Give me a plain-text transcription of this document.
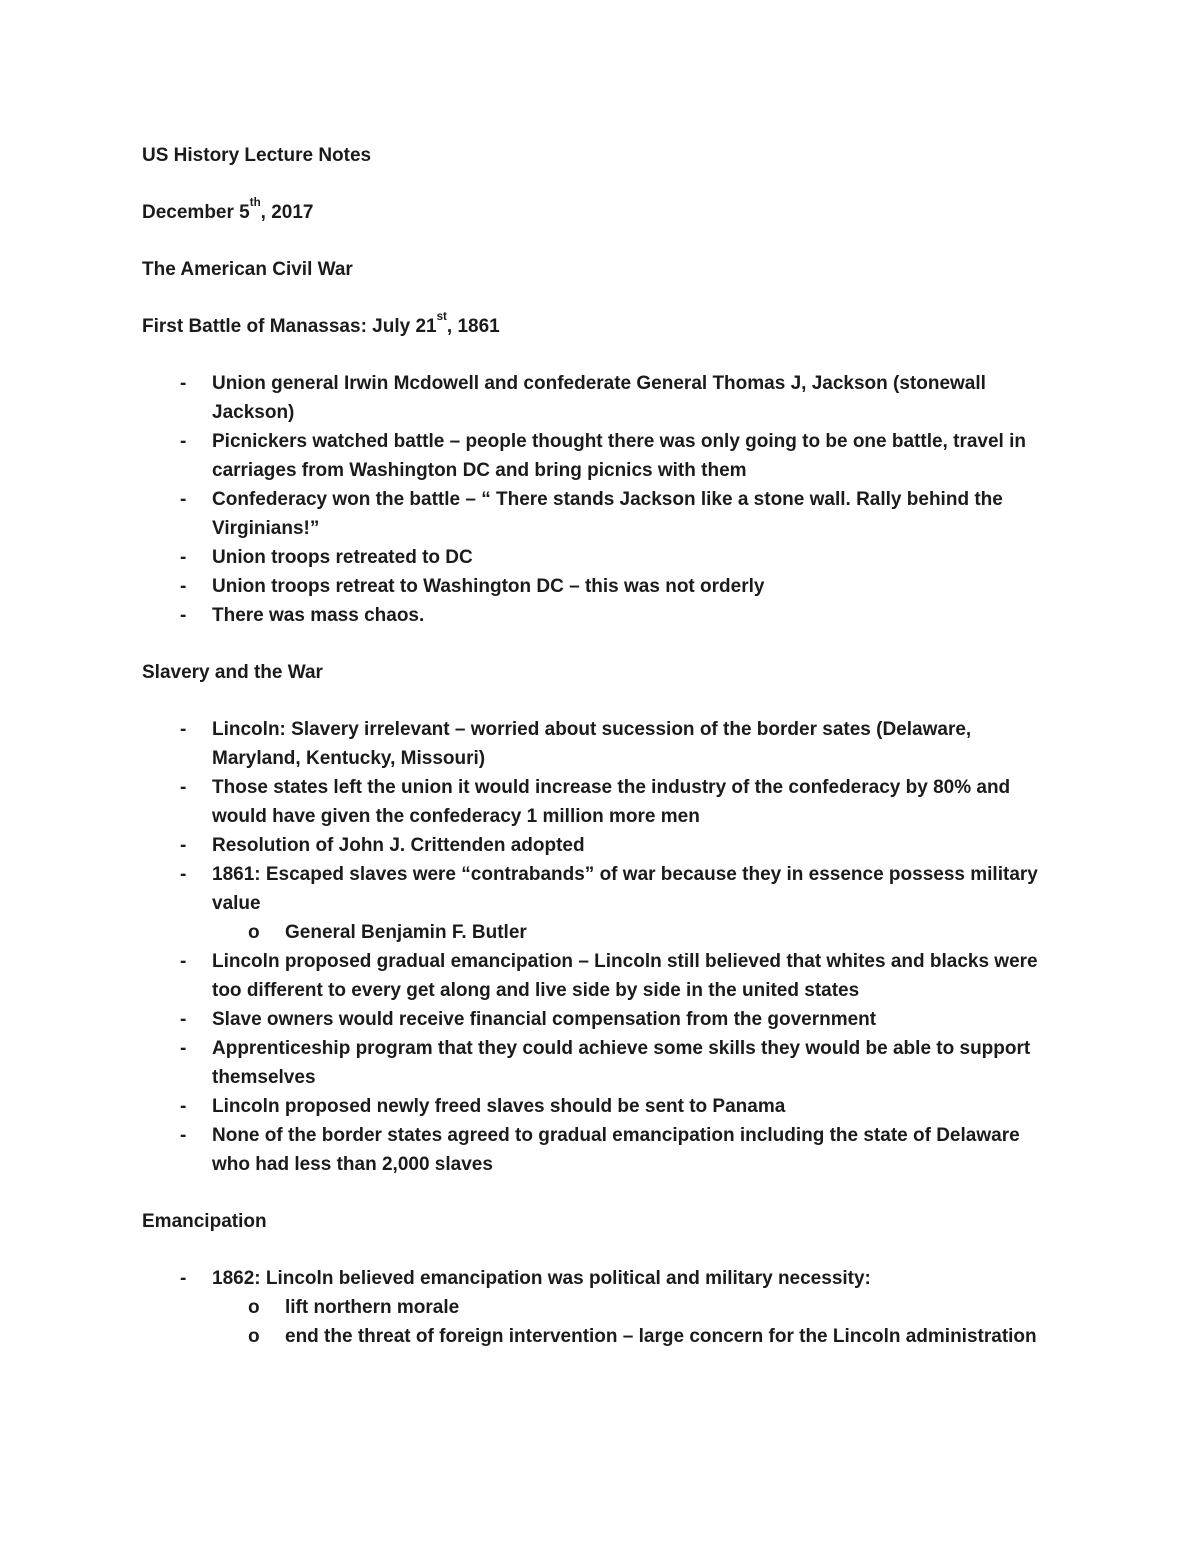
US History Lecture Notes

December 5th, 2017

The American Civil War

First Battle of Manassas: July 21st, 1861

-	Union general Irwin Mcdowell and confederate General Thomas J, Jackson (stonewall Jackson)
-	Picnickers watched battle – people thought there was only going to be one battle, travel in carriages from Washington DC and bring picnics with them
-	Confederacy won the battle – “ There stands Jackson like a stone wall. Rally behind the Virginians!”
-	Union troops retreated to DC
-	Union troops retreat to Washington DC – this was not orderly
-	There was mass chaos.

Slavery and the War

-	Lincoln: Slavery irrelevant – worried about sucession of the border sates (Delaware, Maryland, Kentucky, Missouri)
-	Those states left the union it would increase the industry of the confederacy by 80% and would have given the confederacy 1 million more men
-	Resolution of John J. Crittenden adopted
-	1861: Escaped slaves were “contrabands” of war because they in essence possess military value
o	General Benjamin F. Butler
-	Lincoln proposed gradual emancipation – Lincoln still believed that whites and blacks were too different to every get along and live side by side in the united states
-	Slave owners would receive financial compensation from the government
-	Apprenticeship program that they could achieve some skills they would be able to support themselves
-	Lincoln proposed newly freed slaves should be sent to Panama
-	None of the border states agreed to gradual emancipation including the state of Delaware who had less than 2,000 slaves

Emancipation

-	1862: Lincoln believed emancipation was political and military necessity:
o	lift northern morale
o	end the threat of foreign intervention – large concern for the Lincoln administration
